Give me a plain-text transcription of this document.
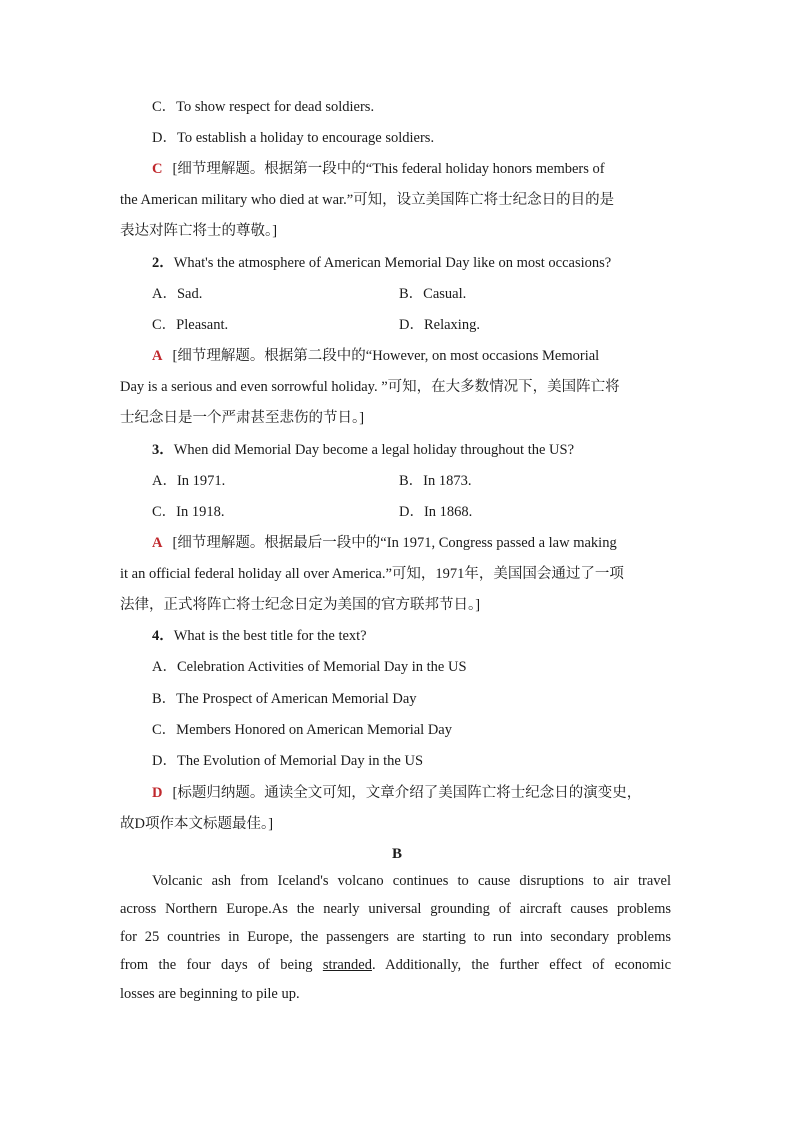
C．To show respect for dead soldiers.
D．To establish a holiday to encourage soldiers.
C [细节理解题。根据第一段中的“This federal holiday honors members of
the American military who died at war.”可知，设立美国阵亡将士纪念日的目的是
表达对阵亡将士的尊敬。]
2．What's the atmosphere of American Memorial Day like on most occasions?
A．Sad.	B．Casual.
C．Pleasant.	D．Relaxing.
A [细节理解题。根据第二段中的“However, on most occasions Memorial
Day is a serious and even sorrowful holiday. ”可知，在大多数情况下，美国阵亡将
士纪念日是一个严肃甚至悲伤的节日。]
3．When did Memorial Day become a legal holiday throughout the US?
A．In 1971.	B．In 1873.
C．In 1918.	D．In 1868.
A [细节理解题。根据最后一段中的“In 1971, Congress passed a law making
it an official federal holiday all over America.”可知，1971年，美国国会通过了一项
法律，正式将阵亡将士纪念日定为美国的官方联邦节日。]
4．What is the best title for the text?
A．Celebration Activities of Memorial Day in the US
B．The Prospect of American Memorial Day
C．Members Honored on American Memorial Day
D．The Evolution of Memorial Day in the US
D [标题归纳题。通读全文可知，文章介绍了美国阵亡将士纪念日的演变史，
故D项作本文标题最佳。]
B
Volcanic ash from Iceland's volcano continues to cause disruptions to air travel
across Northern Europe.As the nearly universal grounding of aircraft causes problems
for 25 countries in Europe, the passengers are starting to run into secondary problems
from the four days of being stranded. Additionally, the further effect of economic
losses are beginning to pile up.
